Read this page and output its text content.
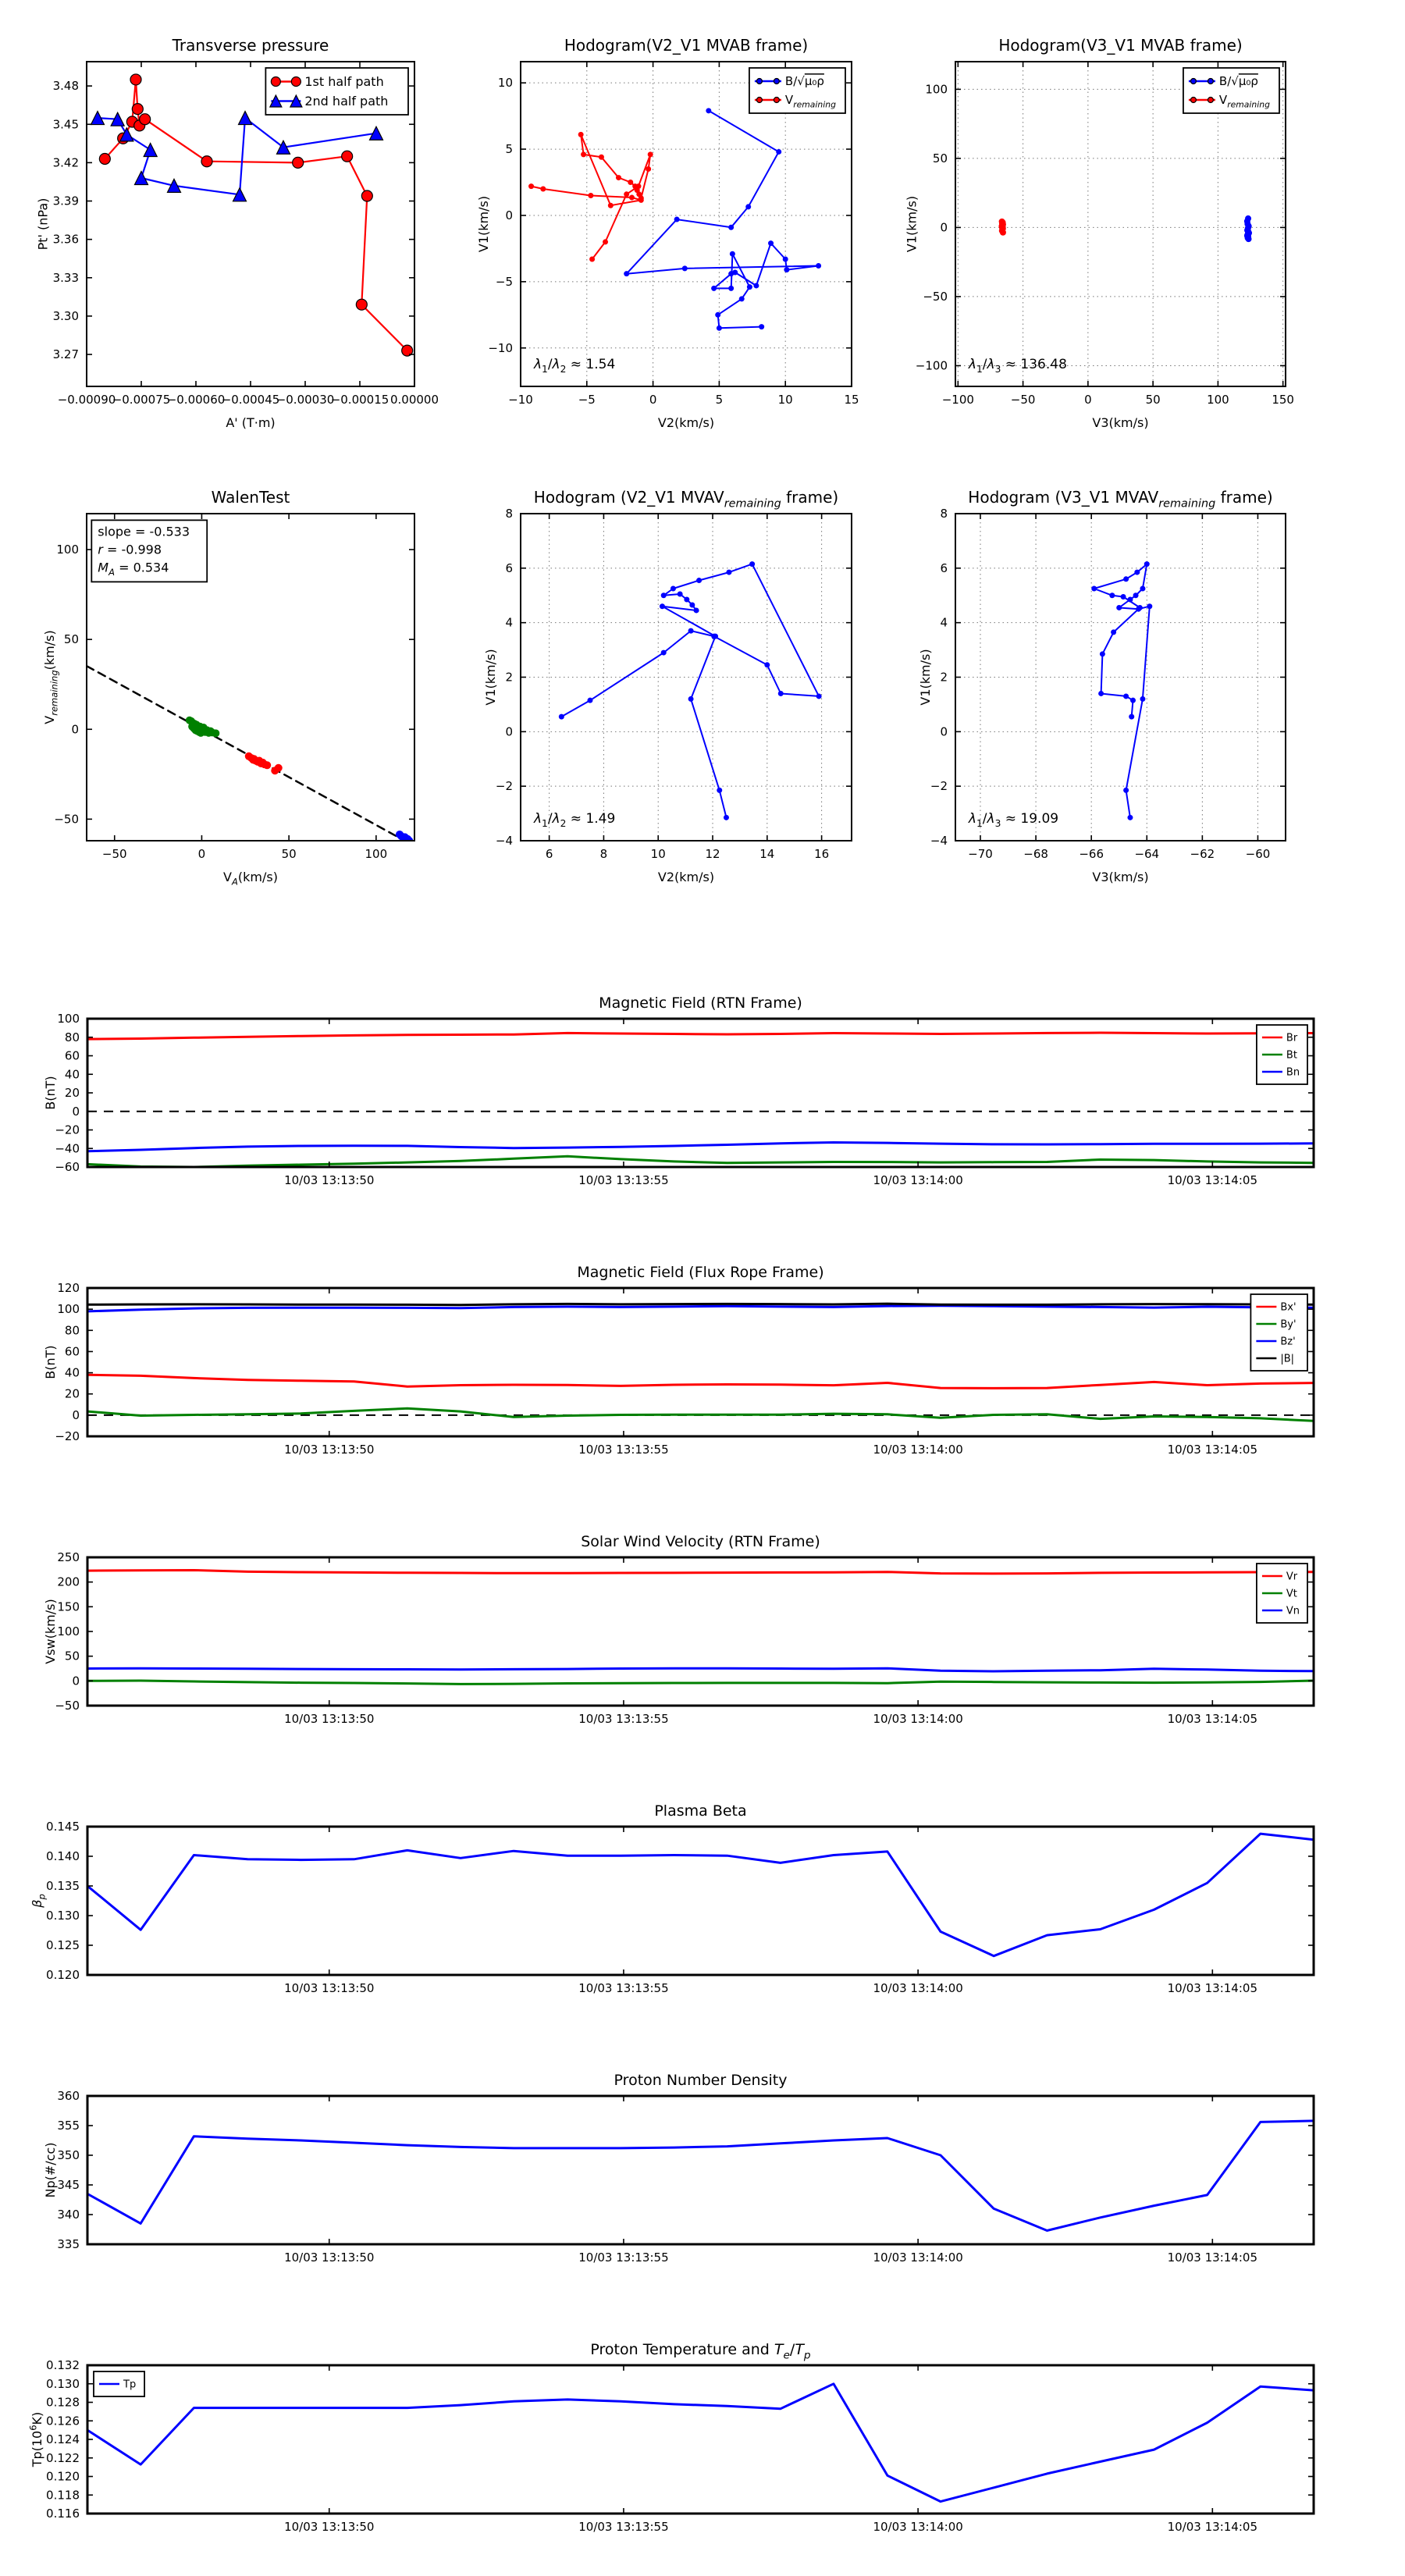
−0.00090
−0.00075
−0.00060
−0.00045
−0.00030
−0.00015 0.00000
3.27
3.30
3.33
3.36
3.39
3.42
3.45
3.48
Transverse pressure
A' (T·m)
Pt' (nPa)
1st half path
2nd half path
−10	−5	0	5	10	15
−10
−5
0
5
10
Hodogram(V2_V1 MVAB frame)
V2(km/s)
V1(km/s)
$\lambda_1/\lambda_2 \approx 1.54$
B/√μ₀ρ
$V_{remaining}$
−100	−50	0	50	100	150
−100
−50
0
50
100
Hodogram(V3_V1 MVAB frame)
V3(km/s)
V1(km/s)
$\lambda_1/\lambda_3 \approx 136.48$
B/√μ₀ρ
$V_{remaining}$
−50	0	50	100
−50
0
50
100
WalenTest
$V_A(km/s)$
$V_{remaining}(km/s)$
slope = -0.533
r = -0.998
$M_A = 0.534$
6	8	10	12	14	16
−4
−2
0
2
4
6
8
Hodogram (V2_V1 $MVAV_{remaining}$ frame)
V2(km/s)
V1(km/s)
$\lambda_1/\lambda_2 \approx 1.49$
−70	−68	−66	−64	−62	−60
−4
−2
0
2
4
6
8
Hodogram (V3_V1 $MVAV_{remaining}$ frame)
V3(km/s)
V1(km/s)
$\lambda_1/\lambda_3 \approx 19.09$
10/03 13:13:50	10/03 13:13:55	10/03 13:14:00	10/03 13:14:05
−60
−40
−20
0
20
40
60
80
100
Magnetic Field (RTN Frame)
B(nT)
Br
Bt
Bn
10/03 13:13:50	10/03 13:13:55	10/03 13:14:00	10/03 13:14:05
−20
0
20
40
60
80
100
120
Magnetic Field (Flux Rope Frame)
B(nT)
Bx'
By'
Bz'
|B|
10/03 13:13:50	10/03 13:13:55	10/03 13:14:00	10/03 13:14:05
−50
0
50
100
150
200
250
Solar Wind Velocity (RTN Frame)
Vsw(km/s)
Vr
Vt
Vn
10/03 13:13:50	10/03 13:13:55	10/03 13:14:00	10/03 13:14:05
0.120
0.125
0.130
0.135
0.140
0.145
Plasma Beta
$\beta_p$
10/03 13:13:50	10/03 13:13:55	10/03 13:14:00	10/03 13:14:05
335
340
345
350
355
360
Proton Number Density
Np(#/cc)
10/03 13:13:50	10/03 13:13:55	10/03 13:14:00	10/03 13:14:05
0.116
0.118
0.120
0.122
0.124
0.126
0.128
0.130
0.132
Proton Temperature and $T_e/T_p$
$Tp(10^6K)$
Tp
